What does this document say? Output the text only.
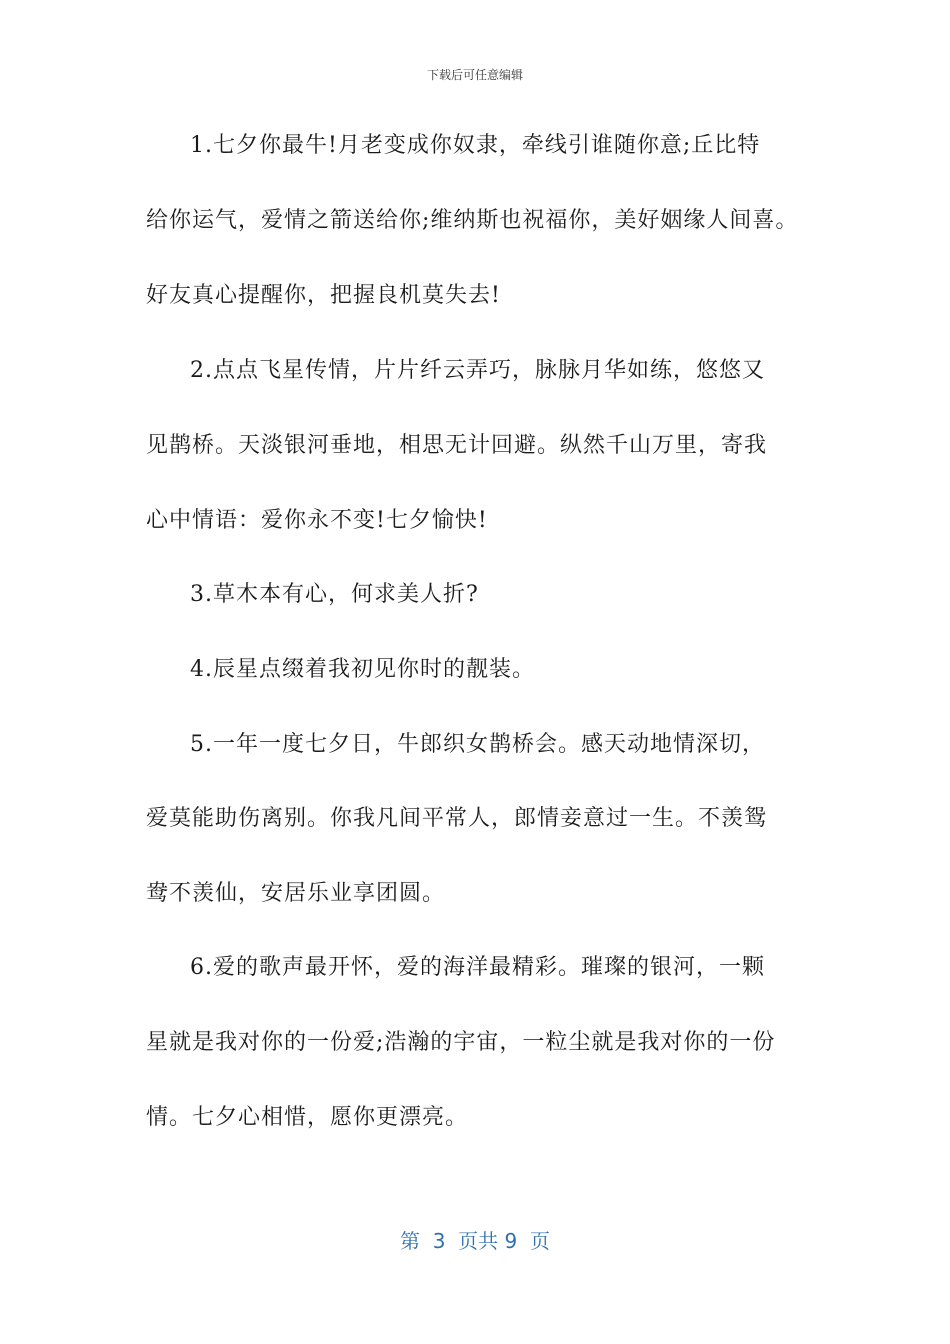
下载后可任意编辑
1.七夕你最牛!月老变成你奴隶，牵线引谁随你意;丘比特
给你运气，爱情之箭送给你;维纳斯也祝福你，美好姻缘人间喜。
好友真心提醒你，把握良机莫失去!
2.点点飞星传情，片片纤云弄巧，脉脉月华如练，悠悠又
见鹊桥。天淡银河垂地，相思无计回避。纵然千山万里，寄我
心中情语：爱你永不变!七夕愉快!
3.草木本有心，何求美人折?
4.辰星点缀着我初见你时的靓装。
5.一年一度七夕日，牛郎织女鹊桥会。感天动地情深切，
爱莫能助伤离别。你我凡间平常人，郎情妾意过一生。不羡鸳
鸯不羡仙，安居乐业享团圆。
6.爱的歌声最开怀，爱的海洋最精彩。璀璨的银河，一颗
星就是我对你的一份爱;浩瀚的宇宙，一粒尘就是我对你的一份
情。七夕心相惜，愿你更漂亮。
第  3  页共 9  页
